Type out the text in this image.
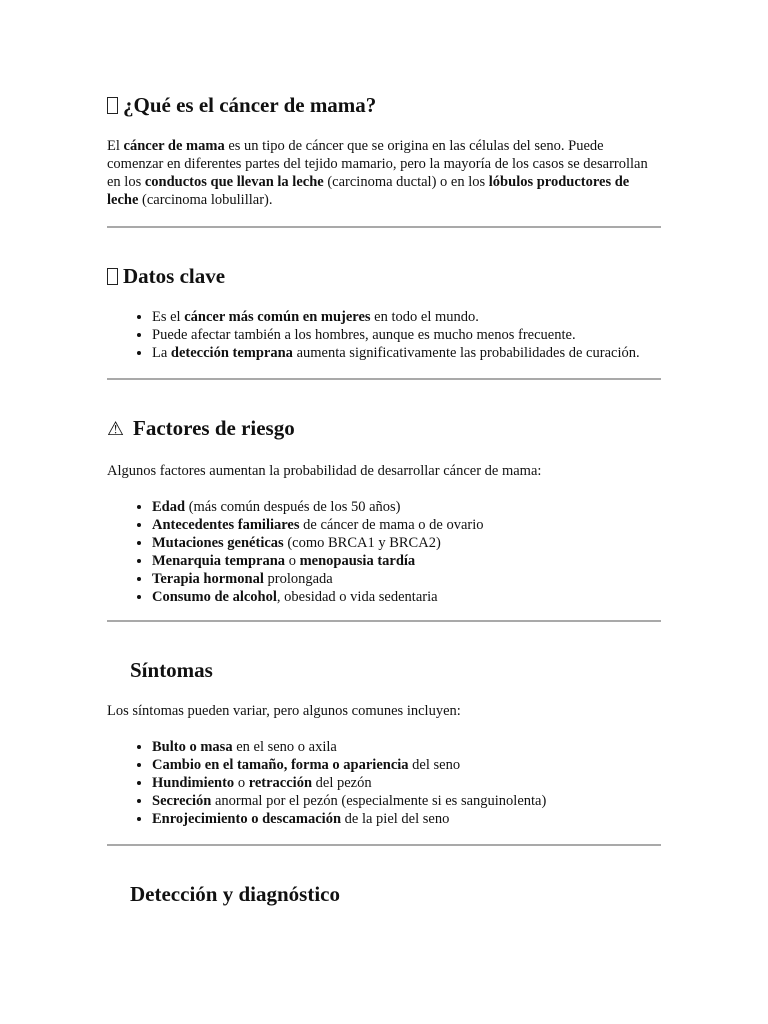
¿Qué es el cáncer de mama?

El cáncer de mama es un tipo de cáncer que se origina en las células del seno. Puede comenzar en diferentes partes del tejido mamario, pero la mayoría de los casos se desarrollan en los conductos que llevan la leche (carcinoma ductal) o en los lóbulos productores de leche (carcinoma lobulillar).

Datos clave
• Es el cáncer más común en mujeres en todo el mundo.
• Puede afectar también a los hombres, aunque es mucho menos frecuente.
• La detección temprana aumenta significativamente las probabilidades de curación.
⚠ Factores de riesgo

Algunos factores aumentan la probabilidad de desarrollar cáncer de mama:

• Edad (más común después de los 50 años)
• Antecedentes familiares de cáncer de mama o de ovario
• Mutaciones genéticas (como BRCA1 y BRCA2)
• Menarquia temprana o menopausia tardía
• Terapia hormonal prolongada
• Consumo de alcohol, obesidad o vida sedentaria
Síntomas

Los síntomas pueden variar, pero algunos comunes incluyen:

• Bulto o masa en el seno o axila
• Cambio en el tamaño, forma o apariencia del seno
• Hundimiento o retracción del pezón
• Secreción anormal por el pezón (especialmente si es sanguinolenta)
• Enrojecimiento o descamación de la piel del seno
Detección y diagnóstico
